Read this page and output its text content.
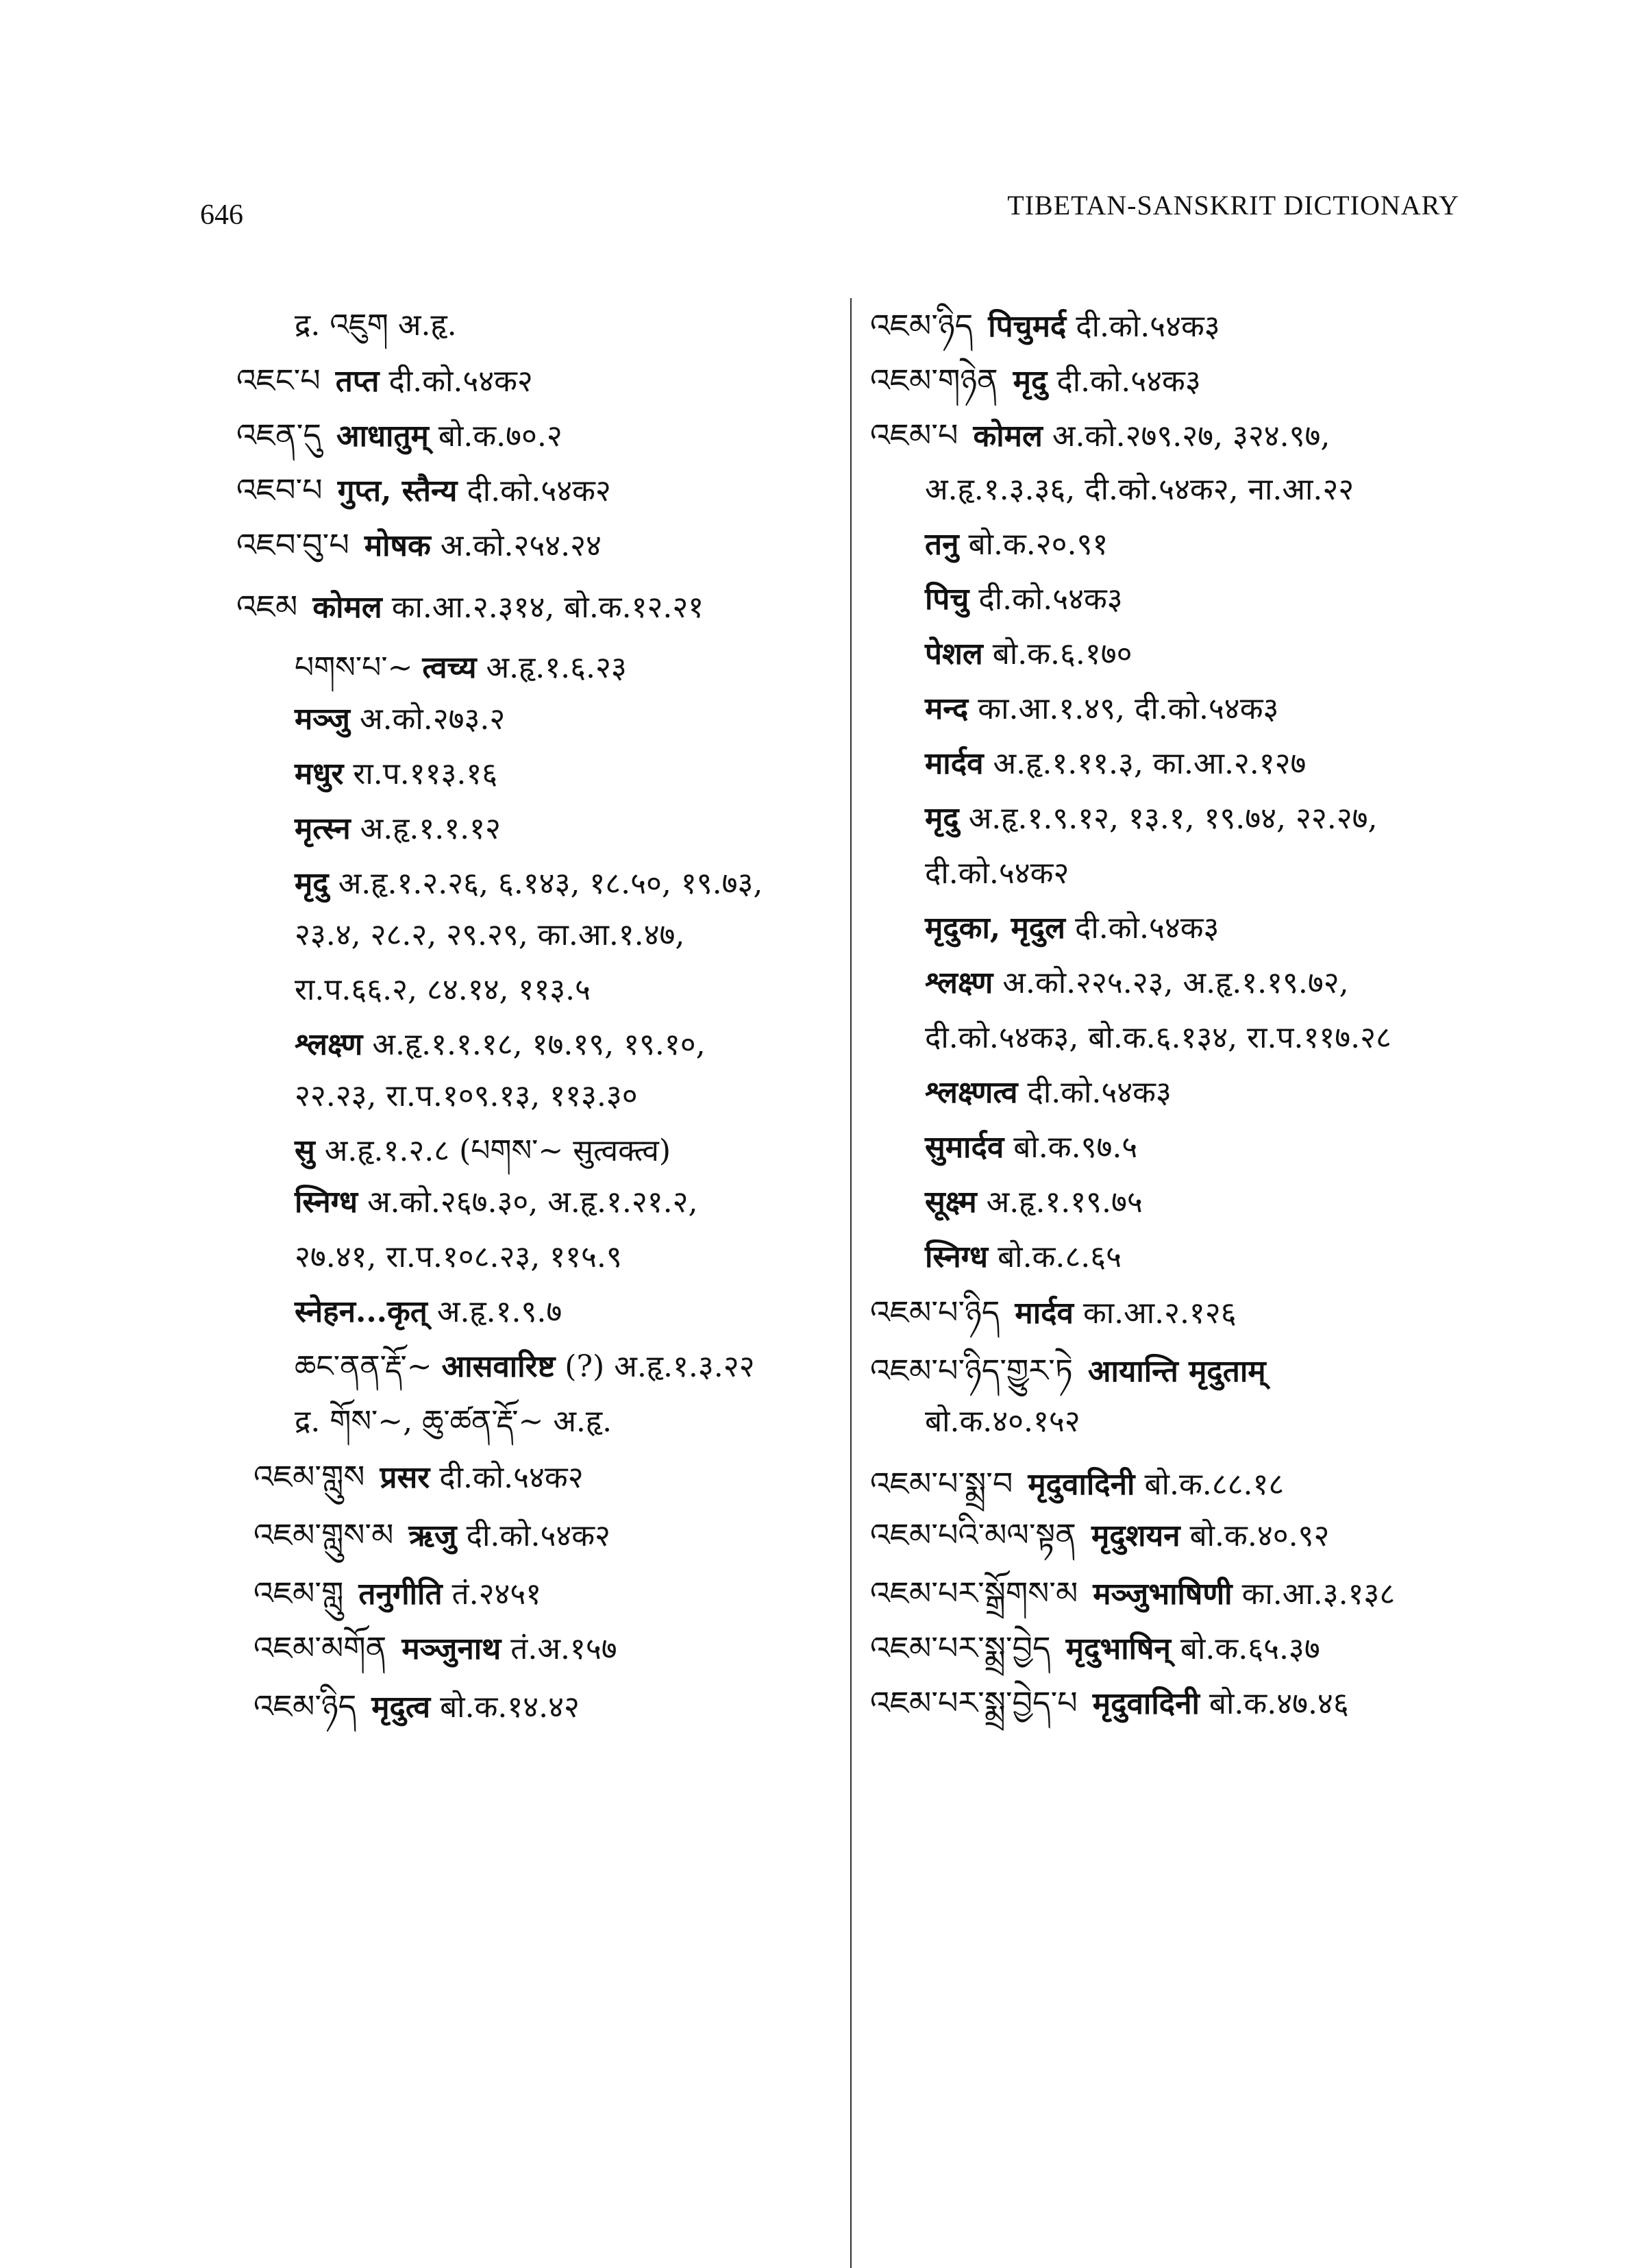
646	TIBETAN-SANSKRIT DICTIONARY
द्र. འཇུག अ.हृ.
འཇང་པ तप्त दी.को.५४क२
འཇན་དུ आधातुम् बो.क.७०.२
འཇབ་པ गुप्त, स्तैन्य दी.को.५४क२
འཇབ་བུ་པ मोषक अ.को.२५४.२४
འཇམ कोमल का.आ.२.३१४, बो.क.१२.२१
པགས་པ་~ त्वच्य अ.हृ.१.६.२३
मञ्जु अ.को.२७३.२
मधुर रा.प.११३.१६
मृत्स्न अ.हृ.१.१.१२
मृदु अ.हृ.१.२.२६, ६.१४३, १८.५०, १९.७३,
२३.४, २८.२, २९.२९, का.आ.१.४७,
रा.प.६६.२, ८४.१४, ११३.५
श्लक्ष्ण अ.हृ.१.१.१८, १७.१९, १९.१०,
२२.२३, रा.प.१०९.१३, ११३.३०
सु अ.हृ.१.२.८ (པགས་~ सुत्वक्त्व)
स्निग्ध अ.को.२६७.३०, अ.हृ.१.२१.२,
२७.४१, रा.प.१०८.२३, ११५.९
स्नेहन...कृत् अ.हृ.१.९.७
ཆང་ནན་རྡོ་~ आसवारिष्ट (?) अ.हृ.१.३.२२
द्र. གོས་~, ཆུ་ཚན་རྡོ་~ अ.हृ.
འཇམ་གླུས प्रसर दी.को.५४क२
འཇམ་གླུས་མ ऋजु दी.को.५४क२
འཇམ་གླུ तनुगीति तं.२४५१
འཇམ་མགོན मञ्जुनाथ तं.अ.१५७
འཇམ་ཉིད मृदुत्व बो.क.१४.४२
འཇམ་ཉིད पिचुमर्द दी.को.५४क३
འཇམ་གཉེན मृदु दी.को.५४क३
འཇམ་པ कोमल अ.को.२७९.२७, ३२४.९७,
अ.हृ.१.३.३६, दी.को.५४क२, ना.आ.२२
तनु बो.क.२०.९१
पिचु दी.को.५४क३
पेशल बो.क.६.१७०
मन्द का.आ.१.४९, दी.को.५४क३
मार्दव अ.हृ.१.११.३, का.आ.२.१२७
मृदु अ.हृ.१.९.१२, १३.१, १९.७४, २२.२७,
दी.को.५४क२
मृदुका, मृदुल दी.को.५४क३
श्लक्ष्ण अ.को.२२५.२३, अ.हृ.१.१९.७२,
दी.को.५४क३, बो.क.६.१३४, रा.प.११७.२८
श्लक्ष्णत्व दी.को.५४क३
सुमार्दव बो.क.९७.५
सूक्ष्म अ.हृ.१.१९.७५
स्निग्ध बो.क.८.६५
འཇམ་པ་ཉིད मार्दव का.आ.२.१२६
འཇམ་པ་ཉིད་གྱུར་ཏེ आयान्ति मृदुताम्
बो.क.४०.१५२
འཇམ་པ་སྨྲ་བ मृदुवादिनी बो.क.८८.१८
འཇམ་པའི་མལ་སྟན मृदुशयन बो.क.४०.९२
འཇམ་པར་སྒྲོགས་མ मञ्जुभाषिणी का.आ.३.१३८
འཇམ་པར་སྨྲ་བྱེད मृदुभाषिन् बो.क.६५.३७
འཇམ་པར་སྨྲ་བྱེད་པ मृदुवादिनी बो.क.४७.४६
